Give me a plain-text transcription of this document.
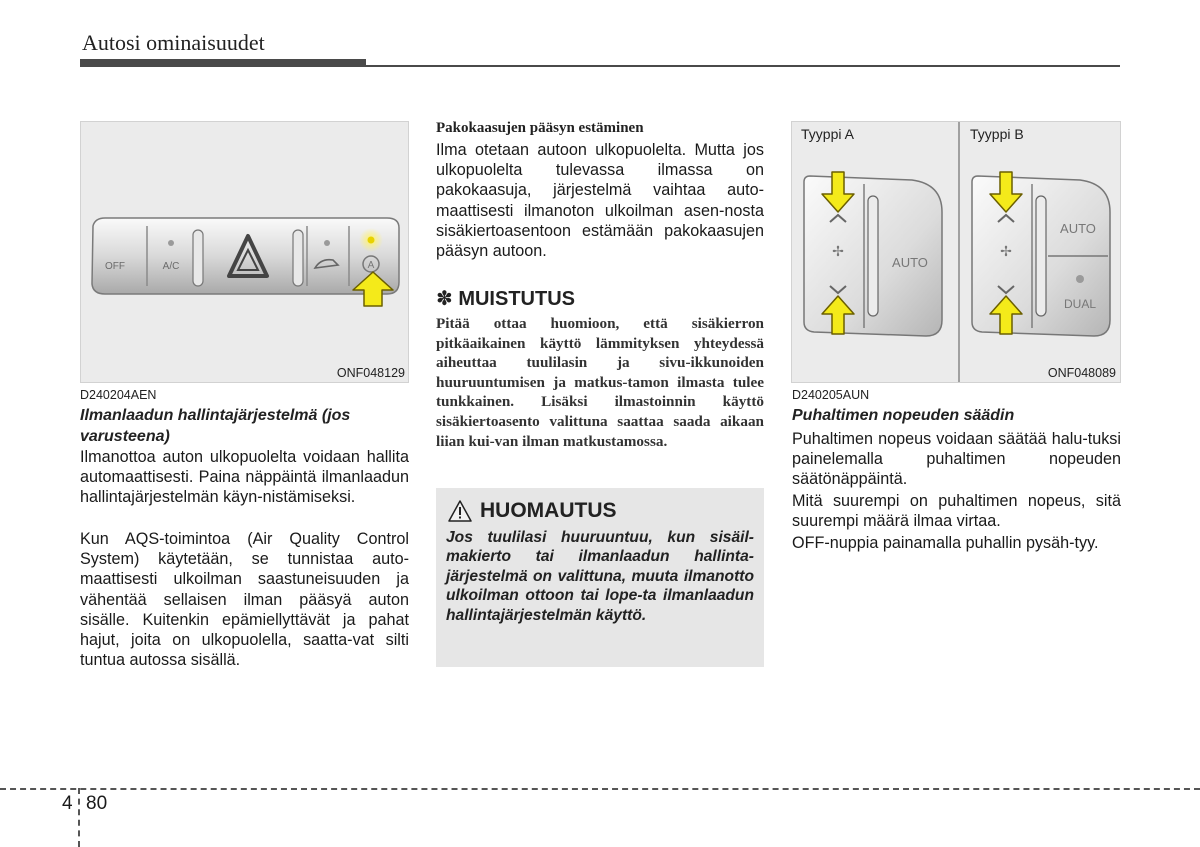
Autosi ominaisuudet
OFF	A/C	A
ONF048129
D240204AEN
Ilmanlaadun hallintajärjestelmä (jos varusteena)
Ilmanottoa auton ulkopuolelta voidaan hallita automaattisesti. Paina näppäintä ilmanlaadun hallintajärjestelmän käyn-nistämiseksi.
Kun AQS-toimintoa (Air Quality Control System) käytetään, se tunnistaa auto-maattisesti ulkoilman saastuneisuuden ja vähentää sellaisen ilman pääsyä auton sisälle. Kuitenkin epämiellyttävät ja pahat hajut, joita on ulkopuolella, saatta-vat silti tuntua autossa sisällä.
Pakokaasujen pääsyn estäminen
Ilma otetaan autoon ulkopuolelta. Mutta jos ulkopuolelta tulevassa ilmassa on pakokaasuja, järjestelmä vaihtaa auto-maattisesti ilmanoton ulkoilman asen-nosta sisäkiertoasentoon estämään pakokaasujen pääsyn autoon.
✽ MUISTUTUS
Pitää ottaa huomioon, että sisäkierron pitkäaikainen käyttö lämmityksen yhteydessä aiheuttaa tuulilasin ja sivu-ikkunoiden huuruuntumisen ja matkus-tamon ilmasta tulee tunkkainen. Lisäksi ilmastoinnin käyttö sisäkiertoasento valittuna saattaa saada aikaan liian kui-van ilman matkustamossa.
HUOMAUTUS
Jos tuulilasi huuruuntuu, kun sisäil-makierto tai ilmanlaadun hallinta-järjestelmä on valittuna, muuta ilmanotto ulkoilman ottoon tai lope-ta ilmanlaadun hallintajärjestelmän käyttö.
Tyyppi A	Tyyppi B
✢
AUTO
✢
AUTO
DUAL
ONF048089
D240205AUN
Puhaltimen nopeuden säädin
Puhaltimen nopeus voidaan säätää halu-tuksi painelemalla puhaltimen nopeuden säätönäppäintä.
Mitä suurempi on puhaltimen nopeus, sitä suurempi määrä ilmaa virtaa.
OFF-nuppia painamalla puhallin pysäh-tyy.
4 80
